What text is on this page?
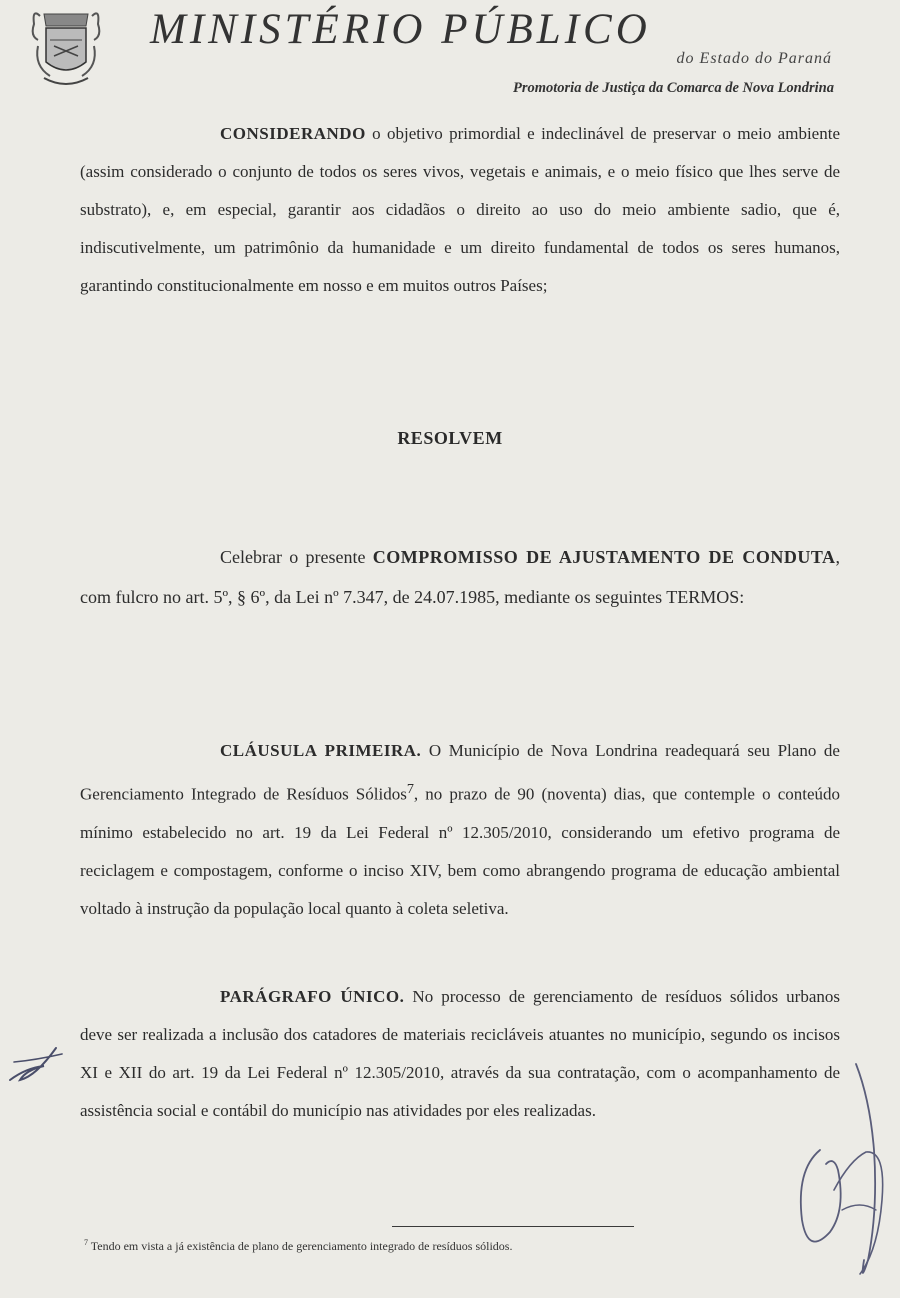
MINISTÉRIO PÚBLICO
do Estado do Paraná
Promotoria de Justiça da Comarca de Nova Londrina
CONSIDERANDO o objetivo primordial e indeclinável de preservar o meio ambiente (assim considerado o conjunto de todos os seres vivos, vegetais e animais, e o meio físico que lhes serve de substrato), e, em especial, garantir aos cidadãos o direito ao uso do meio ambiente sadio, que é, indiscutivelmente, um patrimônio da humanidade e um direito fundamental de todos os seres humanos, garantindo constitucionalmente em nosso e em muitos outros Países;
RESOLVEM
Celebrar o presente COMPROMISSO DE AJUSTAMENTO DE CONDUTA, com fulcro no art. 5º, § 6º, da Lei nº 7.347, de 24.07.1985, mediante os seguintes TERMOS:
CLÁUSULA PRIMEIRA. O Município de Nova Londrina readequará seu Plano de Gerenciamento Integrado de Resíduos Sólidos$^7$, no prazo de 90 (noventa) dias, que contemple o conteúdo mínimo estabelecido no art. 19 da Lei Federal nº 12.305/2010, considerando um efetivo programa de reciclagem e compostagem, conforme o inciso XIV, bem como abrangendo programa de educação ambiental voltado à instrução da população local quanto à coleta seletiva.
PARÁGRAFO ÚNICO. No processo de gerenciamento de resíduos sólidos urbanos deve ser realizada a inclusão dos catadores de materiais recicláveis atuantes no município, segundo os incisos XI e XII do art. 19 da Lei Federal nº 12.305/2010, através da sua contratação, com o acompanhamento de assistência social e contábil do município nas atividades por eles realizadas.
$^7$ Tendo em vista a já existência de plano de gerenciamento integrado de resíduos sólidos.
